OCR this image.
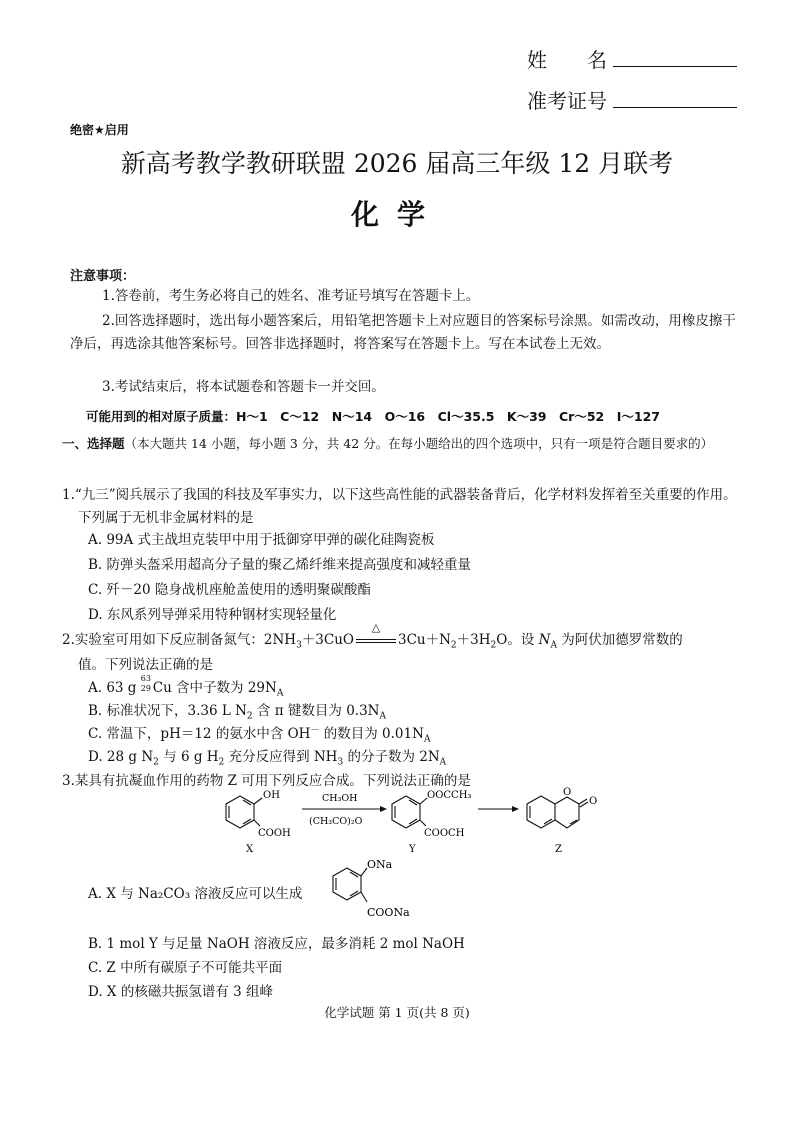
姓　　名
准考证号
绝密★启用
新高考教学教研联盟 2026 届高三年级 12 月联考
化学
注意事项：
1.答卷前，考生务必将自己的姓名、准考证号填写在答题卡上。
2.回答选择题时，选出每小题答案后，用铅笔把答题卡上对应题目的答案标号涂黑。如需改动，用橡皮擦干净后，再选涂其他答案标号。回答非选择题时，将答案写在答题卡上。写在本试卷上无效。
3.考试结束后，将本试题卷和答题卡一并交回。
可能用到的相对原子质量：H～1　C～12　N～14　O～16　Cl～35.5　K～39　Cr～52　I～127
一、选择题（本大题共 14 小题，每小题 3 分，共 42 分。在每小题给出的四个选项中，只有一项是符合题目要求的）
1.“九三”阅兵展示了我国的科技及军事实力，以下这些高性能的武器装备背后，化学材料发挥着至关重要的作用。下列属于无机非金属材料的是
A. 99A 式主战坦克装甲中用于抵御穿甲弹的碳化硅陶瓷板
B. 防弹头盔采用超高分子量的聚乙烯纤维来提高强度和减轻重量
C. 歼－20 隐身战机座舱盖使用的透明聚碳酸酯
D. 东风系列导弹采用特种钢材实现轻量化
2.实验室可用如下反应制备氮气：$2NH_3+3CuO$
△
$3Cu+N_2+3H_2O$。设 $N_A$ 为阿伏加德罗常数的
值。下列说法正确的是
A. 63 g
63
29 Cu 含中子数为 $29N_A$
B. 标准状况下，3.36 L $N_2$ 含 π 键数目为 $0.3N_A$
C. 常温下，pH＝12 的氨水中含 OH－ 的数目为 $0.01N_A$
D. 28 g $N_2$ 与 6 g $H_2$ 充分反应得到 $NH_3$ 的分子数为 $2N_A$
3.某具有抗凝血作用的药物 Z 可用下列反应合成。下列说法正确的是
OH
COOH
CH₃OH
(CH₃CO)₂O
OOCCH₃
COOCH
O
O
X	Y	Z
A. X 与 Na₂CO₃ 溶液反应可以生成
ONa
COONa
B. 1 mol Y 与足量 NaOH 溶液反应，最多消耗 2 mol NaOH
C. Z 中所有碳原子不可能共平面
D. X 的核磁共振氢谱有 3 组峰
化学试题 第 1 页(共 8 页)
